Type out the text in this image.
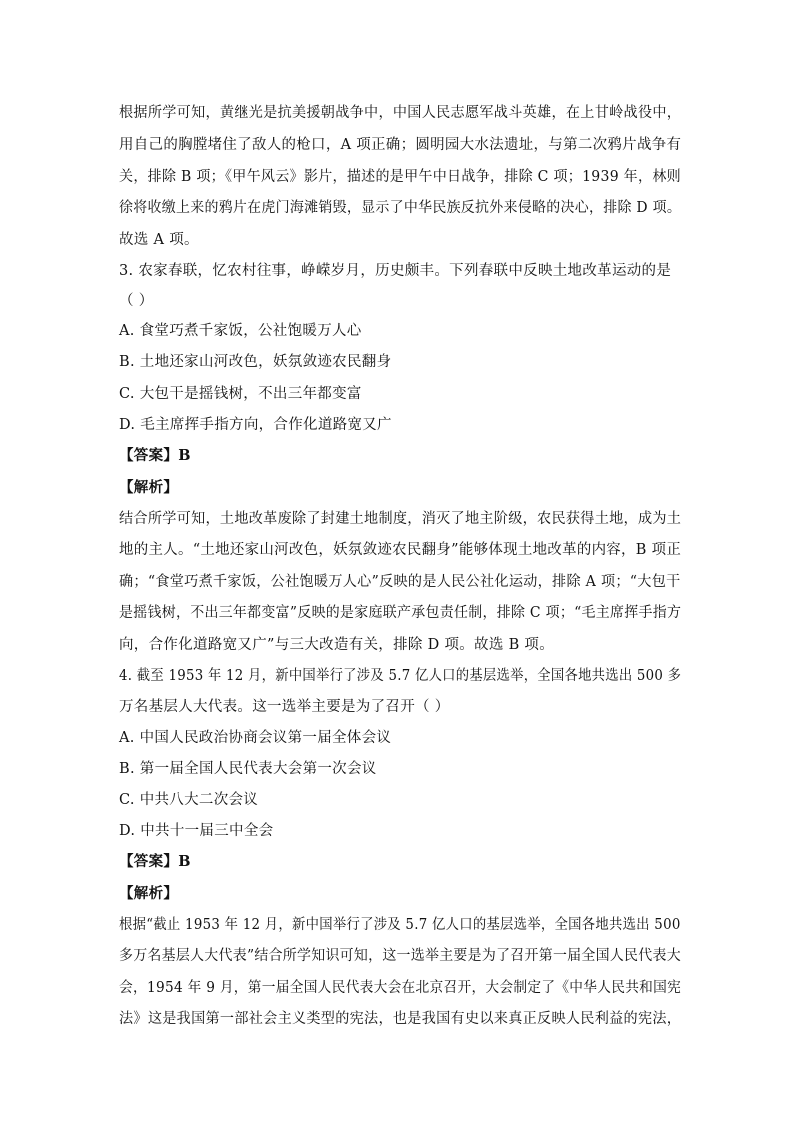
根据所学可知，黄继光是抗美援朝战争中，中国人民志愿军战斗英雄，在上甘岭战役中，
用自己的胸膛堵住了敌人的枪口，A 项正确；圆明园大水法遗址，与第二次鸦片战争有
关，排除 B 项；《甲午风云》影片，描述的是甲午中日战争，排除 C 项；1939 年，林则
徐将收缴上来的鸦片在虎门海滩销毁，显示了中华民族反抗外来侵略的决心，排除 D 项。
故选 A 项。
3. 农家春联，忆农村往事，峥嵘岁月，历史颇丰。下列春联中反映土地改革运动的是
（ ）
A. 食堂巧煮千家饭，公社饱暖万人心
B. 土地还家山河改色，妖氛敛迹农民翻身
C. 大包干是摇钱树，不出三年都变富
D. 毛主席挥手指方向，合作化道路宽又广
【答案】B
【解析】
结合所学可知，土地改革废除了封建土地制度，消灭了地主阶级，农民获得土地，成为土
地的主人。“土地还家山河改色，妖氛敛迹农民翻身”能够体现土地改革的内容，B 项正
确；“食堂巧煮千家饭，公社饱暖万人心”反映的是人民公社化运动，排除 A 项；“大包干
是摇钱树，不出三年都变富”反映的是家庭联产承包责任制，排除 C 项；“毛主席挥手指方
向，合作化道路宽又广”与三大改造有关，排除 D 项。故选 B 项。
4. 截至 1953 年 12 月，新中国举行了涉及 5.7 亿人口的基层选举，全国各地共选出 500 多
万名基层人大代表。这一选举主要是为了召开（ ）
A. 中国人民政治协商会议第一届全体会议
B. 第一届全国人民代表大会第一次会议
C. 中共八大二次会议
D. 中共十一届三中全会
【答案】B
【解析】
根据“截止 1953 年 12 月，新中国举行了涉及 5.7 亿人口的基层选举，全国各地共选出 500
多万名基层人大代表”结合所学知识可知，这一选举主要是为了召开第一届全国人民代表大
会，1954 年 9 月，第一届全国人民代表大会在北京召开，大会制定了《中华人民共和国宪
法》这是我国第一部社会主义类型的宪法，也是我国有史以来真正反映人民利益的宪法，
